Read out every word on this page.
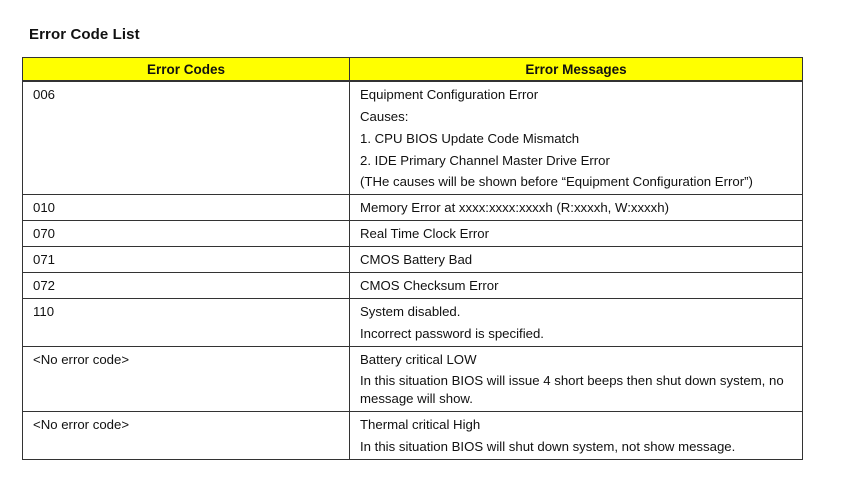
Error Code List
Error Codes	Error Messages
006	Equipment Configuration Error
Causes:
1. CPU BIOS Update Code Mismatch
2. IDE Primary Channel Master Drive Error
(THe causes will be shown before “Equipment Configuration Error”)

010	Memory Error at xxxx:xxxx:xxxxh (R:xxxxh, W:xxxxh)

070	Real Time Clock Error

071	CMOS Battery Bad

072	CMOS Checksum Error

110	System disabled.
Incorrect password is specified.

<No error code>	Battery critical LOW
In this situation BIOS will issue 4 short beeps then shut down system, no message will show.

<No error code>	Thermal critical High
In this situation BIOS will shut down system, not show message.
